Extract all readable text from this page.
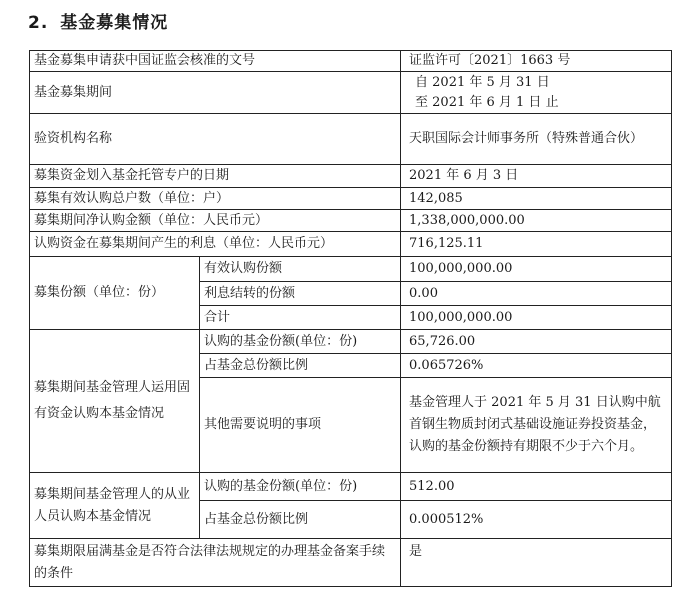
2. 基金募集情况
基金募集申请获中国证监会核准的文号		证监许可〔2021〕1663 号
基金募集期间		自 2021 年 5 月 31 日
至 2021 年 6 月 1 日 止

验资机构名称		天职国际会计师事务所（特殊普通合伙）
募集资金划入基金托管专户的日期		2021 年 6 月 3 日
募集有效认购总户数（单位：户）		142,085
募集期间净认购金额（单位：人民币元）		1,338,000,000.00
认购资金在募集期间产生的利息（单位：人民币元）		716,125.11
募集份额（单位：份）	有效认购份额	100,000,000.00
	利息结转的份额	0.00
	合计	100,000,000.00
募集期间基金管理人运用固有资金认购本基金情况	认购的基金份额(单位：份)	65,726.00
	占基金总份额比例	0.065726%
	其他需要说明的事项	基金管理人于 2021 年 5 月 31 日认购中航首钢生物质封闭式基础设施证券投资基金，认购的基金份额持有期限不少于六个月。
募集期间基金管理人的从业人员认购本基金情况	认购的基金份额(单位：份)	512.00
	占基金总份额比例	0.000512%
募集期限届满基金是否符合法律法规规定的办理基金备案手续的条件		是
